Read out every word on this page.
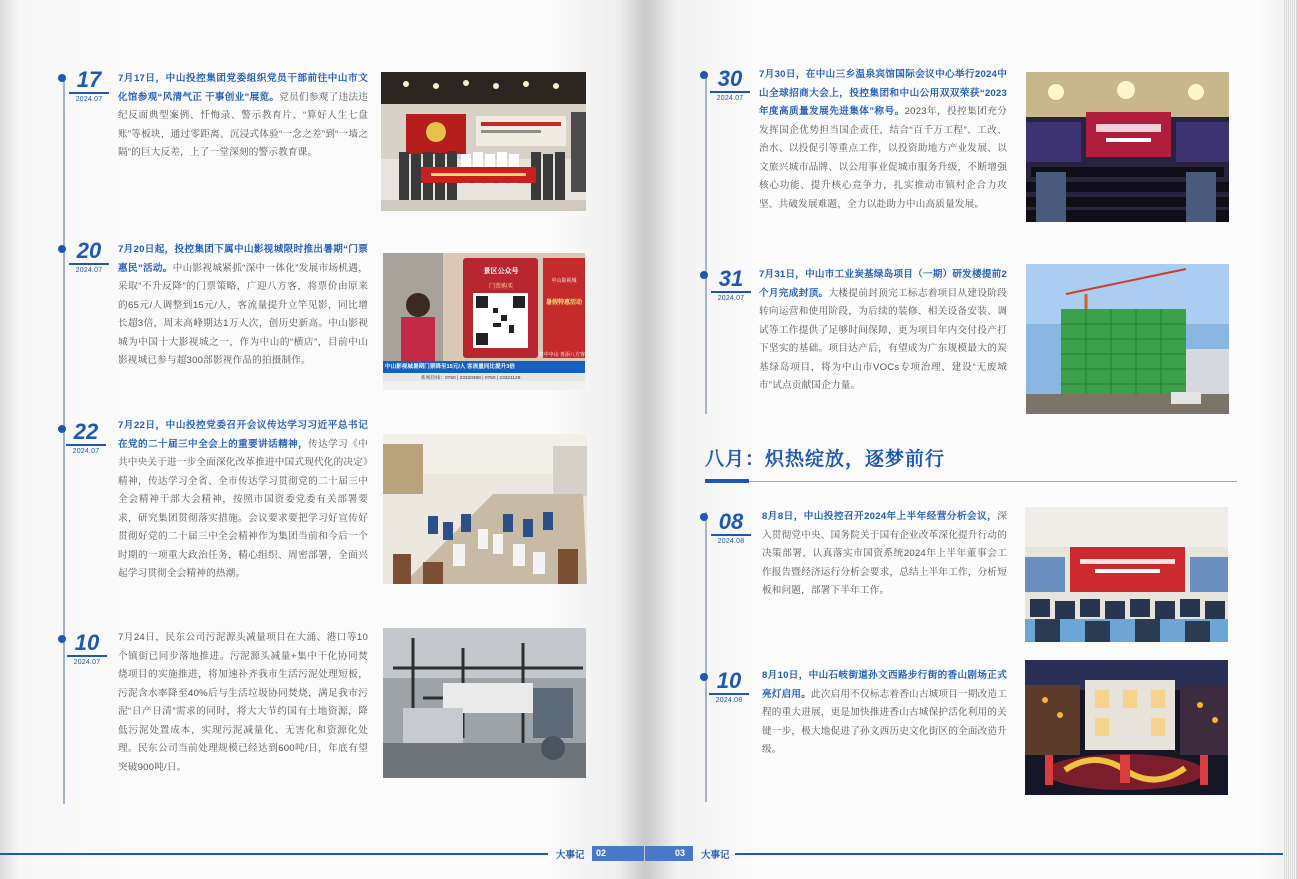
17
2024.07
7月17日，中山投控集团党委组织党员干部前往中山市文化馆参观“风清气正 干事创业”展览。党员们参观了违法违纪反面典型案例、忏悔录、警示教育片、“算好人生七盘账”等板块，通过零距离、沉浸式体验“一念之差”到“一墙之隔”的巨大反差，上了一堂深刻的警示教育课。
20
2024.07
7月20日起，投控集团下属中山影视城限时推出暑期“门票惠民”活动。中山影视城紧抓“深中一体化”发展市场机遇，采取“不升反降”的门票策略，广迎八方客，将票价由原来的65元/人调整到15元/人，客流量提升立竿见影，同比增长超3倍，周末高峰期达1万人次，创历史新高。中山影视城为中国十大影视城之一，作为中山的“横店”，目前中山影视城已参与超300部影视作品的拍摄制作。
景区公众号
门票购买
中山影视城
暑假特惠活动
湾中中山 喜添八方客
中山影视城暑期门票降至15元/人 客流量同比提升3倍
新闻热线：0760 | 23320308 | 0760 | 23321128
22
2024.07
7月22日，中山投控党委召开会议传达学习习近平总书记在党的二十届三中全会上的重要讲话精神，传达学习《中共中央关于进一步全面深化改革推进中国式现代化的决定》精神，传达学习全省、全市传达学习贯彻党的二十届三中全会精神干部大会精神，按照市国资委党委有关部署要求，研究集团贯彻落实措施。会议要求要把学习好宣传好贯彻好党的二十届三中全会精神作为集团当前和今后一个时期的一项重大政治任务，精心组织、周密部署，全面兴起学习贯彻全会精神的热潮。
10
2024.07
7月24日，民东公司污泥源头减量项目在大涌、港口等10个镇街已同步落地推进。污泥源头减量+集中干化协同焚烧项目的实施推进，将加速补齐我市生活污泥处理短板，污泥含水率降至40%后与生活垃圾协同焚烧，满足我市污泥“日产日清”需求的同时，将大大节约国有土地资源，降低污泥处置成本，实现污泥减量化、无害化和资源化处理。民东公司当前处理规模已经达到600吨/日，年底有望突破900吨/日。
大事记	02
30
2024.07
7月30日，在中山三乡温泉宾馆国际会议中心举行2024中山全球招商大会上，投控集团和中山公用双双荣获“2023年度高质量发展先进集体”称号。2023年，投控集团充分发挥国企优势担当国企责任，结合“百千万工程”、工改、治水、以投促引等重点工作，以投资助地方产业发展、以文旅兴城市品牌、以公用事业促城市服务升级，不断增强核心功能、提升核心竞争力，扎实推动市镇村企合力攻坚、共破发展难题，全力以赴助力中山高质量发展。
31
2024.07
7月31日，中山市工业炭基绿岛项目（一期）研发楼提前2个月完成封顶。大楼提前封顶完工标志着项目从建设阶段转向运营和使用阶段，为后续的装修、相关设备安装、调试等工作提供了足够时间保障，更为项目年内交付投产打下坚实的基础。项目达产后，有望成为广东规模最大的炭基绿岛项目，将为中山市VOCs专项治理、建设“无废城市”试点贡献国企力量。
八月：炽热绽放，逐梦前行
08
2024.08
8月8日，中山投控召开2024年上半年经营分析会议，深入贯彻党中央、国务院关于国有企业改革深化提升行动的决策部署，认真落实市国资系统2024年上半年董事会工作报告暨经济运行分析会要求，总结上半年工作，分析短板和问题，部署下半年工作。
10
2024.08
8月10日，中山石岐街道孙文西路步行街的香山剧场正式亮灯启用。此次启用不仅标志着香山古城项目一期改造工程的重大进展，更是加快推进香山古城保护活化利用的关键一步，极大地促进了孙文西历史文化街区的全面改造升级。
03	大事记
